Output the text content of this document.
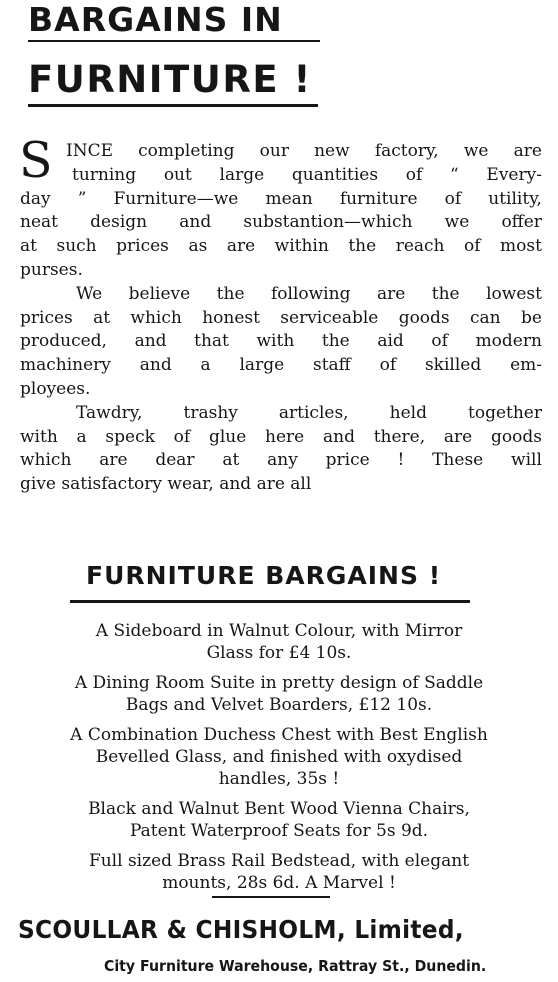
BARGAINS IN
FURNITURE !
S INCE completing our new factory, we are
turning out large quantities of “ Every-
day ” Furniture—we mean furniture of utility,
neat design and substantion—which we offer
at such prices as are within the reach of most
purses.
We believe the following are the lowest
prices at which honest serviceable goods can be
produced, and that with the aid of modern
machinery and a large staff of skilled em-
ployees.
Tawdry, trashy articles, held together
with a speck of glue here and there, are goods
which are dear at any price ! These will
give satisfactory wear, and are all
FURNITURE BARGAINS !
A Sideboard in Walnut Colour, with Mirror
Glass for £4 10s.
A Dining Room Suite in pretty design of Saddle
Bags and Velvet Boarders, £12 10s.
A Combination Duchess Chest with Best English
Bevelled Glass, and finished with oxydised
handles, 35s !
Black and Walnut Bent Wood Vienna Chairs,
Patent Waterproof Seats for 5s 9d.
Full sized Brass Rail Bedstead, with elegant
mounts, 28s 6d. A Marvel !
SCOULLAR & CHISHOLM, Limited,
City Furniture Warehouse, Rattray St., Dunedin.
